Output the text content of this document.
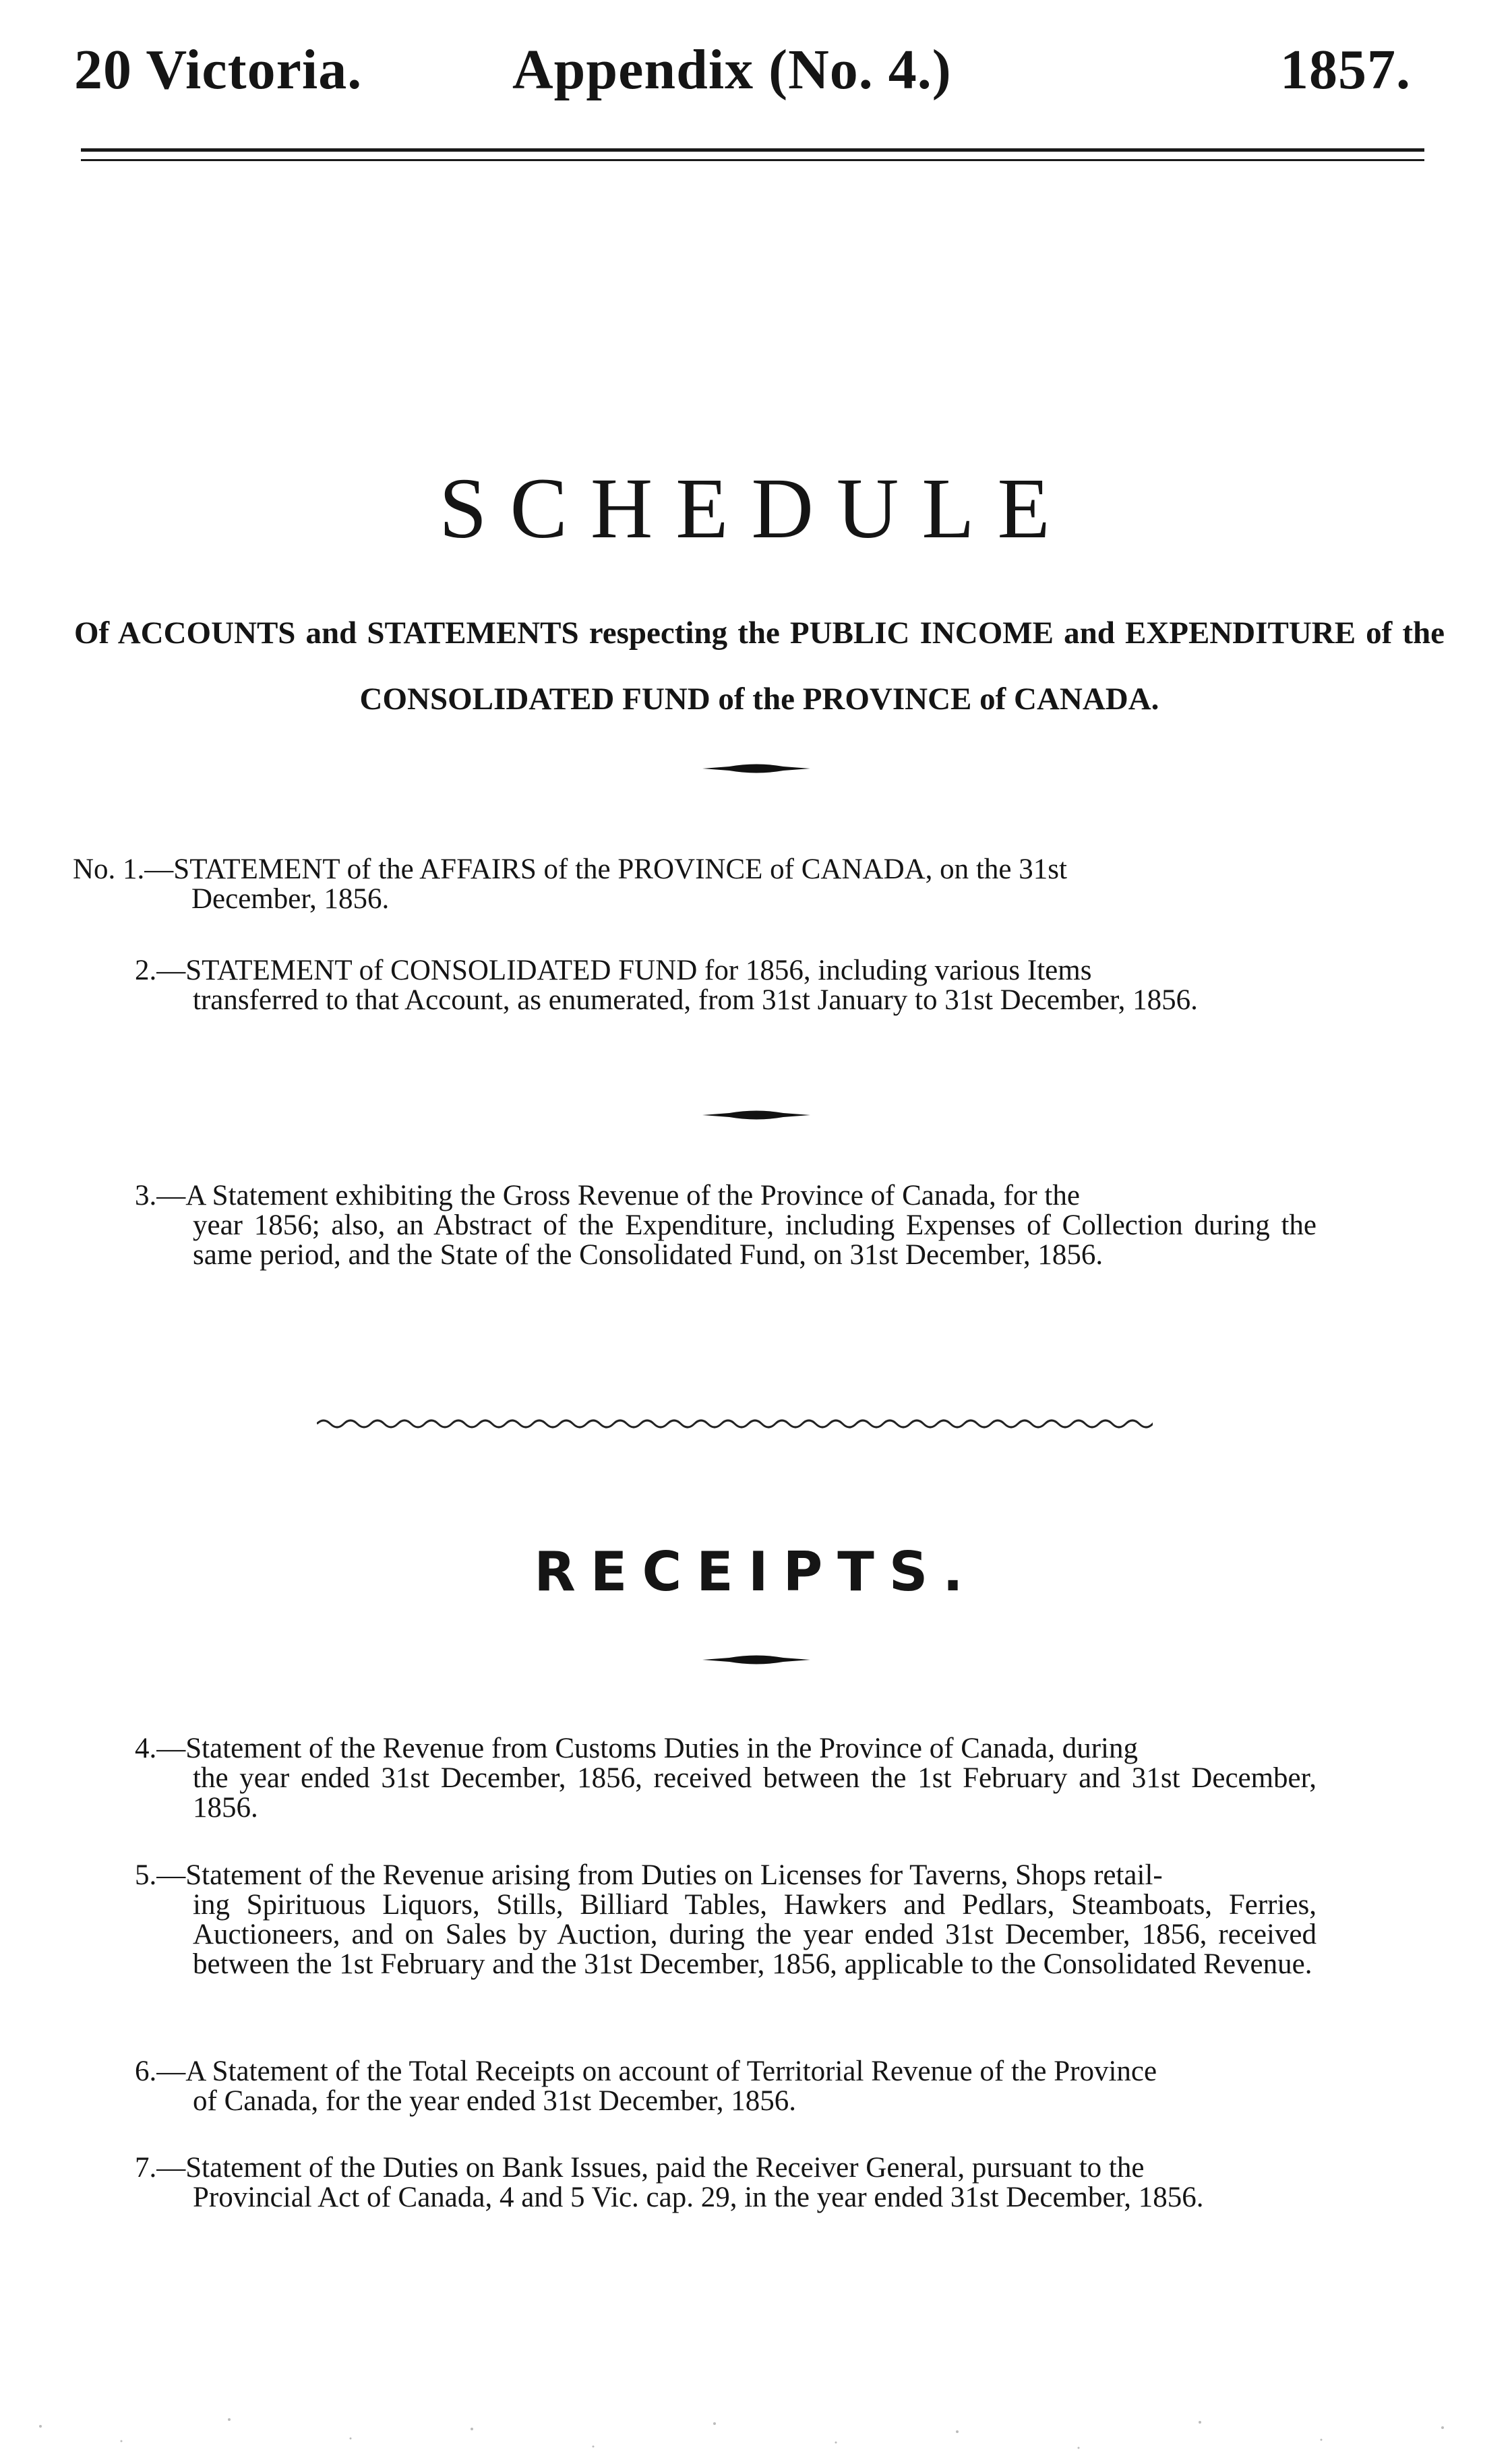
20 Victoria.	Appendix (No. 4.)	1857.
SCHEDULE
Of ACCOUNTS and STATEMENTS respecting the PUBLIC INCOME and EXPENDITURE of the CONSOLIDATED FUND of the PROVINCE of CANADA.
No. 1.—STATEMENT of the AFFAIRS of the PROVINCE of CANADA, on the 31st
December, 1856.
2.—STATEMENT of CONSOLIDATED FUND for 1856, including various Items
transferred to that Account, as enumerated, from 31st January to 31st December, 1856.
3.—A Statement exhibiting the Gross Revenue of the Province of Canada, for the
year 1856; also, an Abstract of the Expenditure, including Expenses of Collection during the same period, and the State of the Consolidated Fund, on 31st December, 1856.
RECEIPTS.
4.—Statement of the Revenue from Customs Duties in the Province of Canada, during
the year ended 31st December, 1856, received between the 1st February and 31st December, 1856.
5.—Statement of the Revenue arising from Duties on Licenses for Taverns, Shops retail-
ing Spirituous Liquors, Stills, Billiard Tables, Hawkers and Pedlars, Steamboats, Ferries, Auctioneers, and on Sales by Auction, during the year ended 31st December, 1856, received between the 1st February and the 31st December, 1856, applicable to the Consolidated Revenue.
6.—A Statement of the Total Receipts on account of Territorial Revenue of the Province
of Canada, for the year ended 31st December, 1856.
7.—Statement of the Duties on Bank Issues, paid the Receiver General, pursuant to the
Provincial Act of Canada, 4 and 5 Vic. cap. 29, in the year ended 31st December, 1856.
